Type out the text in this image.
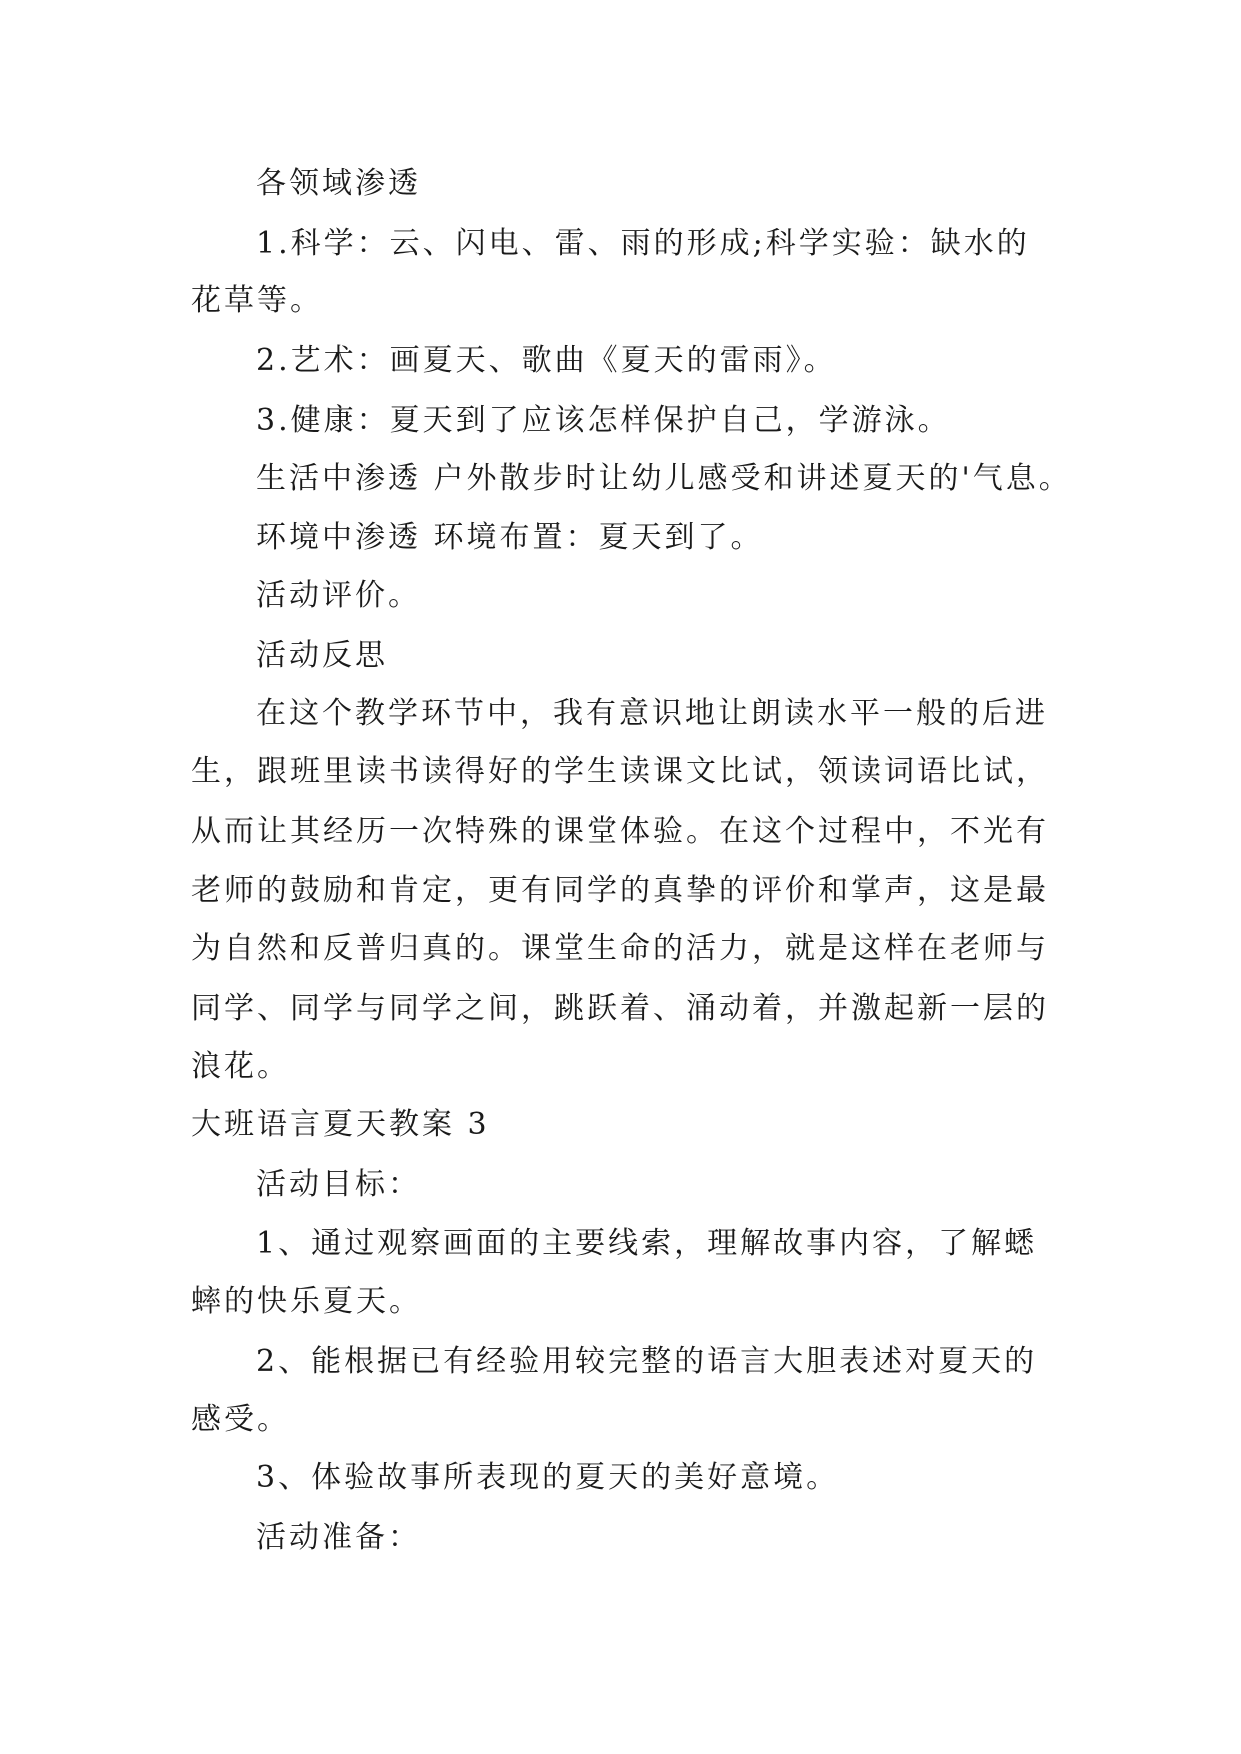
各领域渗透
1.科学：云、闪电、雷、雨的形成;科学实验：缺水的
花草等。
2.艺术：画夏天、歌曲《夏天的雷雨》。
3.健康：夏天到了应该怎样保护自己，学游泳。
生活中渗透 户外散步时让幼儿感受和讲述夏天的'气息。
环境中渗透 环境布置：夏天到了。
活动评价。
活动反思
在这个教学环节中，我有意识地让朗读水平一般的后进
生，跟班里读书读得好的学生读课文比试，领读词语比试，
从而让其经历一次特殊的课堂体验。在这个过程中，不光有
老师的鼓励和肯定，更有同学的真挚的评价和掌声，这是最
为自然和反普归真的。课堂生命的活力，就是这样在老师与
同学、同学与同学之间，跳跃着、涌动着，并激起新一层的
浪花。
大班语言夏天教案 3
活动目标：
1、通过观察画面的主要线索，理解故事内容，了解蟋
蟀的快乐夏天。
2、能根据已有经验用较完整的语言大胆表述对夏天的
感受。
3、体验故事所表现的夏天的美好意境。
活动准备：
